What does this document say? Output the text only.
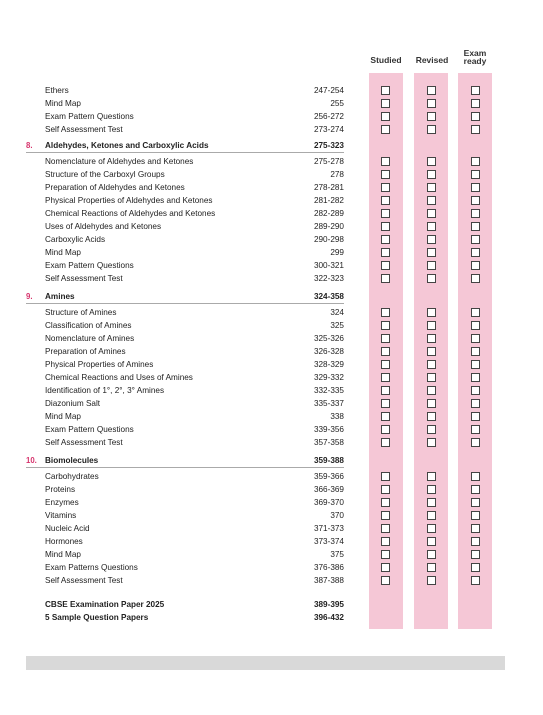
Studied	Revised
Exam
ready
Ethers	247-254
Mind Map	255
Exam Pattern Questions	256-272
Self Assessment Test	273-274
8.	Aldehydes, Ketones and Carboxylic Acids	275-323
Nomenclature of Aldehydes and Ketones	275-278
Structure of the Carboxyl Groups	278
Preparation of Aldehydes and Ketones	278-281
Physical Properties of Aldehydes and Ketones	281-282
Chemical Reactions of Aldehydes and Ketones	282-289
Uses of Aldehydes and Ketones	289-290
Carboxylic Acids	290-298
Mind Map	299
Exam Pattern Questions	300-321
Self Assessment Test	322-323
9.	Amines	324-358
Structure of Amines	324
Classification of Amines	325
Nomenclature of Amines	325-326
Preparation of Amines	326-328
Physical Properties of Amines	328-329
Chemical Reactions and Uses of Amines	329-332
Identification of 1°, 2°, 3° Amines	332-335
Diazonium Salt	335-337
Mind Map	338
Exam Pattern Questions	339-356
Self Assessment Test	357-358
10. Biomolecules	359-388
Carbohydrates	359-366
Proteins	366-369
Enzymes	369-370
Vitamins	370
Nucleic Acid	371-373
Hormones	373-374
Mind Map	375
Exam Patterns Questions	376-386
Self Assessment Test	387-388
CBSE Examination Paper 2025	389-395
5 Sample Question Papers	396-432
